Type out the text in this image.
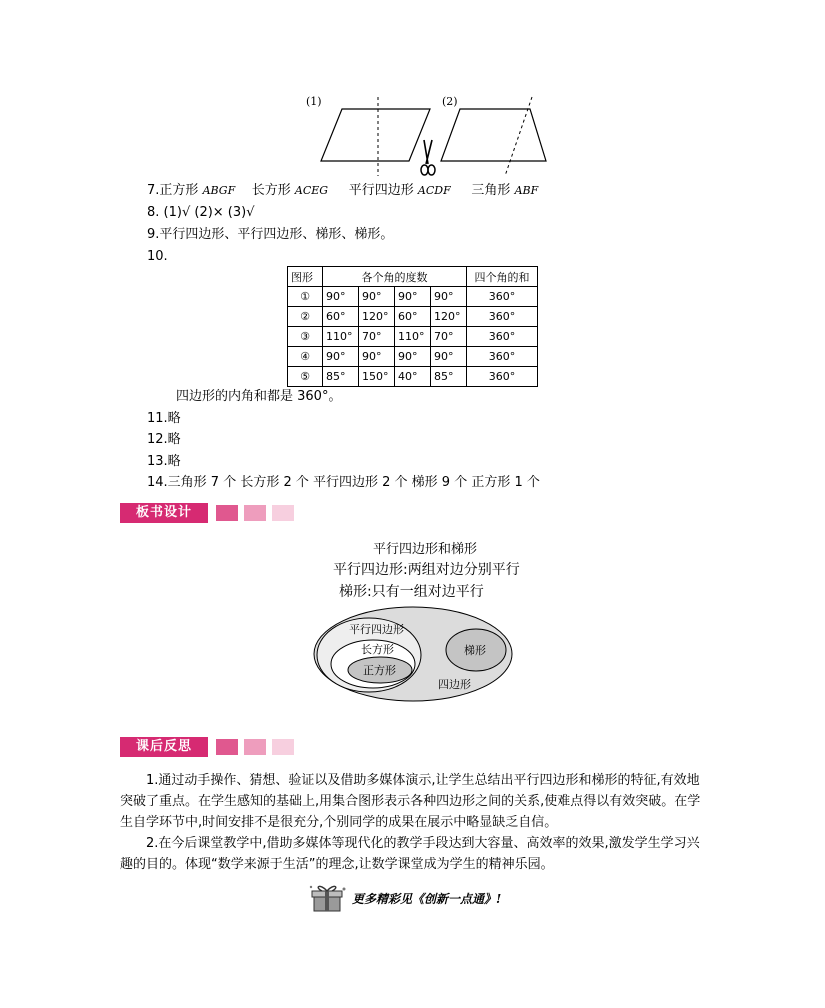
(1)	(2)
7.正方形 ABGF 长方形 ACEG 平行四边形 ACDF 三角形 ABF
8. (1)√ (2)× (3)√
9.平行四边形、平行四边形、梯形、梯形。
10.
图形	各个角的度数				四个角的和
①	90°	90°	90°	90°	360°
②	60°	120°	60°	120°	360°
③	110°	70°	110°	70°	360°
④	90°	90°	90°	90°	360°
⑤	85°	150°	40°	85°	360°
四边形的内角和都是 360°。
11.略
12.略
13.略
14.三角形 7 个 长方形 2 个 平行四边形 2 个 梯形 9 个 正方形 1 个
板书设计
平行四边形和梯形
平行四边形:两组对边分别平行
梯形:只有一组对边平行
平行四边形
长方形
正方形
梯形
四边形
课后反思

1.通过动手操作、猜想、验证以及借助多媒体演示,让学生总结出平行四边形和梯形的特征,有效地突破了重点。在学生感知的基础上,用集合图形表示各种四边形之间的关系,使难点得以有效突破。在学生自学环节中,时间安排不是很充分,个别同学的成果在展示中略显缺乏自信。

2.在今后课堂教学中,借助多媒体等现代化的教学手段达到大容量、高效率的效果,激发学生学习兴趣的目的。体现“数学来源于生活”的理念,让数学课堂成为学生的精神乐园。

更多精彩见《创新一点通》!
